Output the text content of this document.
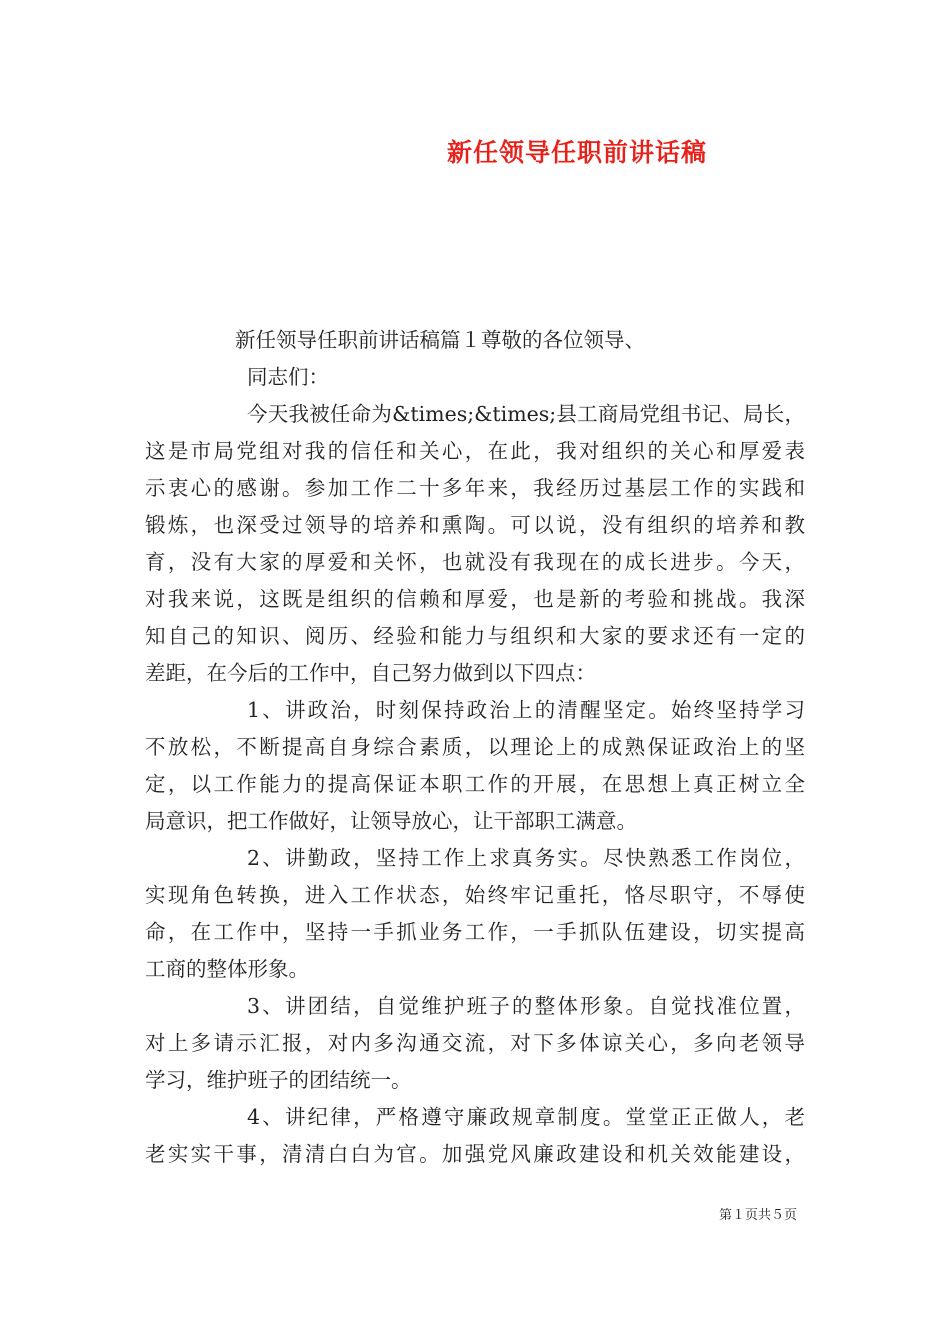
新任领导任职前讲话稿
新任领导任职前讲话稿篇１尊敬的各位领导、
同志们：
今天我被任命为&times;&times;县工商局党组书记、局长，
这是市局党组对我的信任和关心，在此，我对组织的关心和厚爱表
示衷心的感谢。参加工作二十多年来，我经历过基层工作的实践和
锻炼，也深受过领导的培养和熏陶。可以说，没有组织的培养和教
育，没有大家的厚爱和关怀，也就没有我现在的成长进步。今天，
对我来说，这既是组织的信赖和厚爱，也是新的考验和挑战。我深
知自己的知识、阅历、经验和能力与组织和大家的要求还有一定的
差距，在今后的工作中，自己努力做到以下四点：
1、讲政治，时刻保持政治上的清醒坚定。始终坚持学习
不放松，不断提高自身综合素质，以理论上的成熟保证政治上的坚
定，以工作能力的提高保证本职工作的开展，在思想上真正树立全
局意识，把工作做好，让领导放心，让干部职工满意。
2、讲勤政，坚持工作上求真务实。尽快熟悉工作岗位，
实现角色转换，进入工作状态，始终牢记重托，恪尽职守，不辱使
命，在工作中，坚持一手抓业务工作，一手抓队伍建设，切实提高
工商的整体形象。
3、讲团结，自觉维护班子的整体形象。自觉找准位置，
对上多请示汇报，对内多沟通交流，对下多体谅关心，多向老领导
学习，维护班子的团结统一。
4、讲纪律，严格遵守廉政规章制度。堂堂正正做人，老
老实实干事，清清白白为官。加强党风廉政建设和机关效能建设，
第１页共５页
